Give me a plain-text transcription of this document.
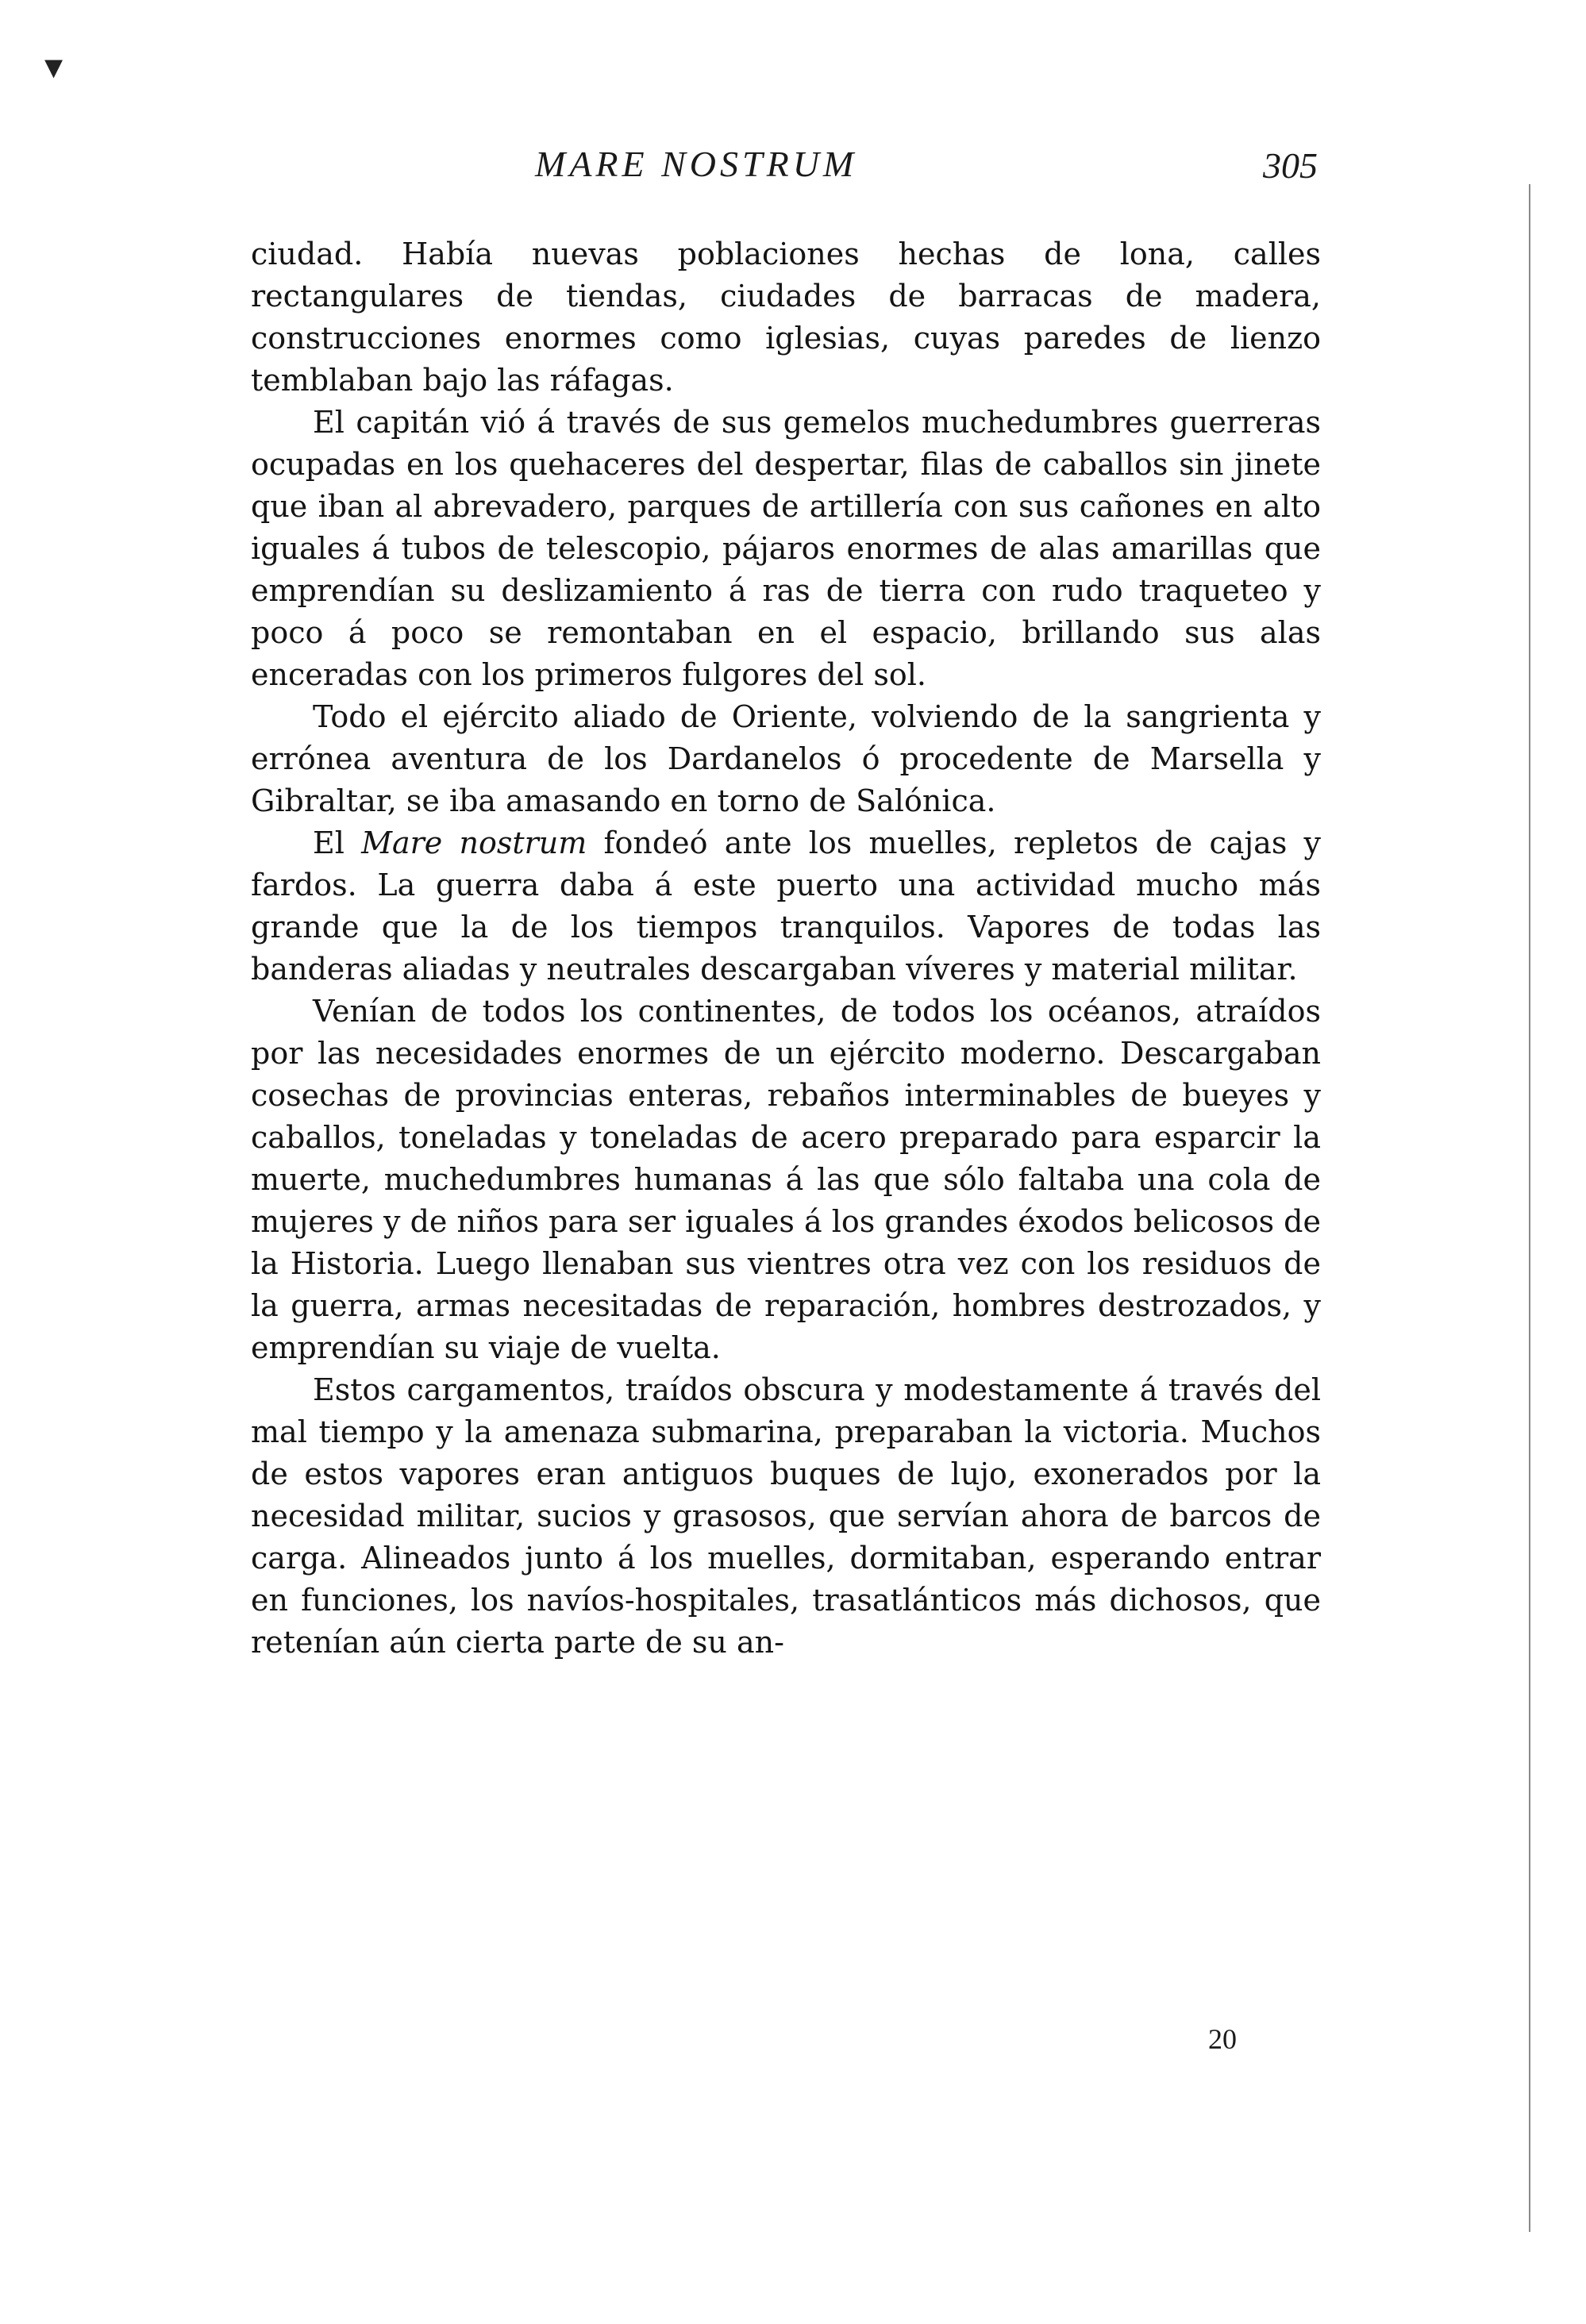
▾
MARE NOSTRUM	305

ciudad. Había nuevas poblaciones hechas de lona, calles rectangulares de tiendas, ciudades de barracas de madera, construcciones enormes como iglesias, cuyas paredes de lienzo temblaban bajo las ráfagas.

El capitán vió á través de sus gemelos muchedumbres guerreras ocupadas en los quehaceres del despertar, filas de caballos sin jinete que iban al abrevadero, parques de artillería con sus cañones en alto iguales á tubos de telescopio, pájaros enormes de alas amarillas que emprendían su deslizamiento á ras de tierra con rudo traqueteo y poco á poco se remontaban en el espacio, brillando sus alas enceradas con los primeros fulgores del sol.

Todo el ejército aliado de Oriente, volviendo de la sangrienta y errónea aventura de los Dardanelos ó procedente de Marsella y Gibraltar, se iba amasando en torno de Salónica.

El Mare nostrum fondeó ante los muelles, repletos de cajas y fardos. La guerra daba á este puerto una actividad mucho más grande que la de los tiempos tranquilos. Vapores de todas las banderas aliadas y neutrales descargaban víveres y material militar.

Venían de todos los continentes, de todos los océanos, atraídos por las necesidades enormes de un ejército moderno. Descargaban cosechas de provincias enteras, rebaños interminables de bueyes y caballos, toneladas y toneladas de acero preparado para esparcir la muerte, muchedumbres humanas á las que sólo faltaba una cola de mujeres y de niños para ser iguales á los grandes éxodos belicosos de la Historia. Luego llenaban sus vientres otra vez con los residuos de la guerra, armas necesitadas de reparación, hombres destrozados, y emprendían su viaje de vuelta.

Estos cargamentos, traídos obscura y modestamente á través del mal tiempo y la amenaza submarina, preparaban la victoria. Muchos de estos vapores eran antiguos buques de lujo, exonerados por la necesidad militar, sucios y grasosos, que servían ahora de barcos de carga. Alineados junto á los muelles, dormitaban, esperando entrar en funciones, los navíos-hospitales, trasatlánticos más dichosos, que retenían aún cierta parte de su an-

20
